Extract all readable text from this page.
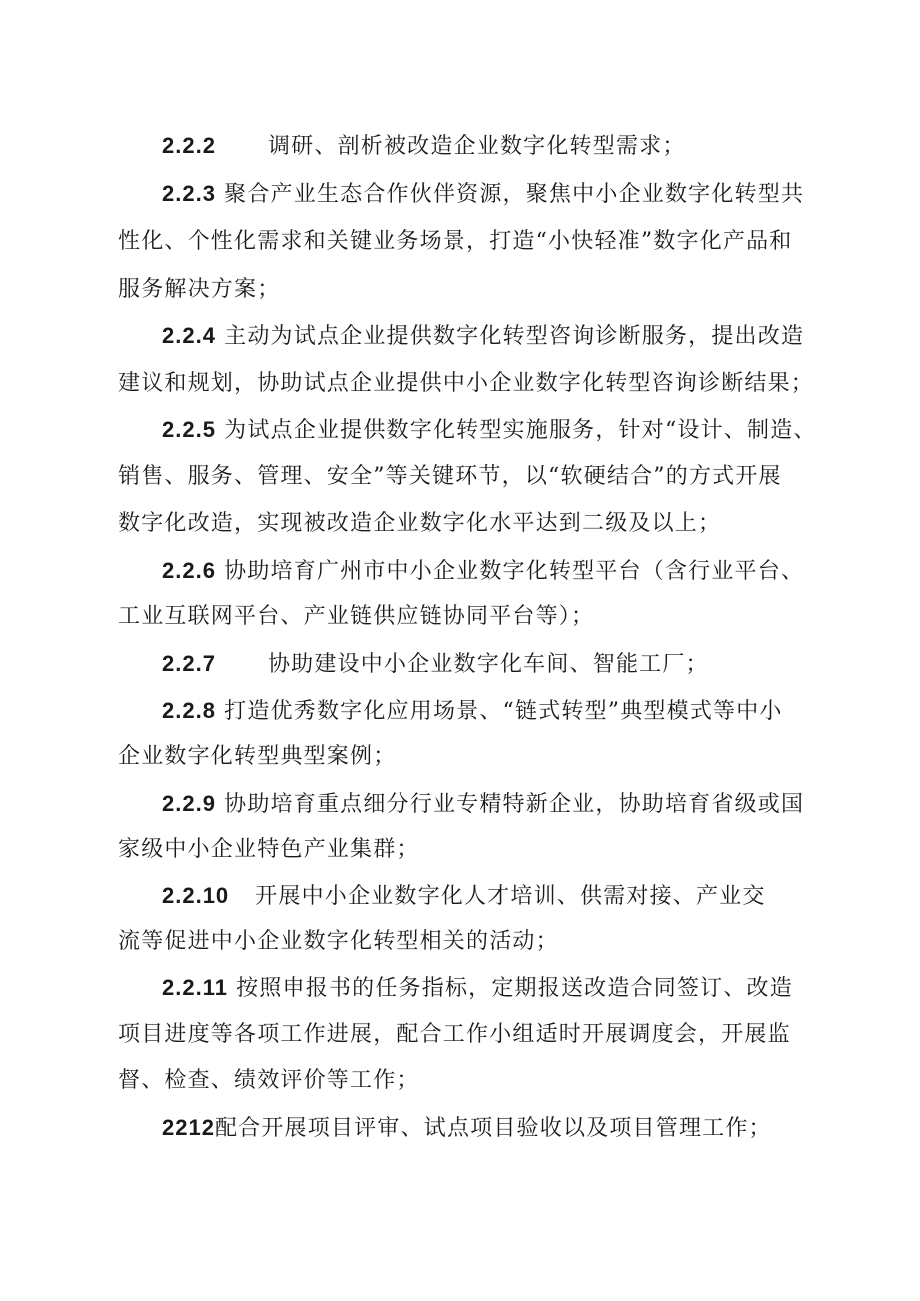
2.2.2 调研、剖析被改造企业数字化转型需求；
2.2.3 聚合产业生态合作伙伴资源，聚焦中小企业数字化转型共
性化、个性化需求和关键业务场景，打造“小快轻准”数字化产品和
服务解决方案；
2.2.4 主动为试点企业提供数字化转型咨询诊断服务，提出改造
建议和规划，协助试点企业提供中小企业数字化转型咨询诊断结果；
2.2.5 为试点企业提供数字化转型实施服务，针对“设计、制造、
销售、服务、管理、安全”等关键环节，以“软硬结合”的方式开展
数字化改造，实现被改造企业数字化水平达到二级及以上；
2.2.6 协助培育广州市中小企业数字化转型平台（含行业平台、
工业互联网平台、产业链供应链协同平台等）；
2.2.7 协助建设中小企业数字化车间、智能工厂；
2.2.8 打造优秀数字化应用场景、“链式转型”典型模式等中小
企业数字化转型典型案例；
2.2.9 协助培育重点细分行业专精特新企业，协助培育省级或国
家级中小企业特色产业集群；
2.2.10 开展中小企业数字化人才培训、供需对接、产业交
流等促进中小企业数字化转型相关的活动；
2.2.11 按照申报书的任务指标，定期报送改造合同签订、改造
项目进度等各项工作进展，配合工作小组适时开展调度会，开展监
督、检查、绩效评价等工作；
2212配合开展项目评审、试点项目验收以及项目管理工作；
